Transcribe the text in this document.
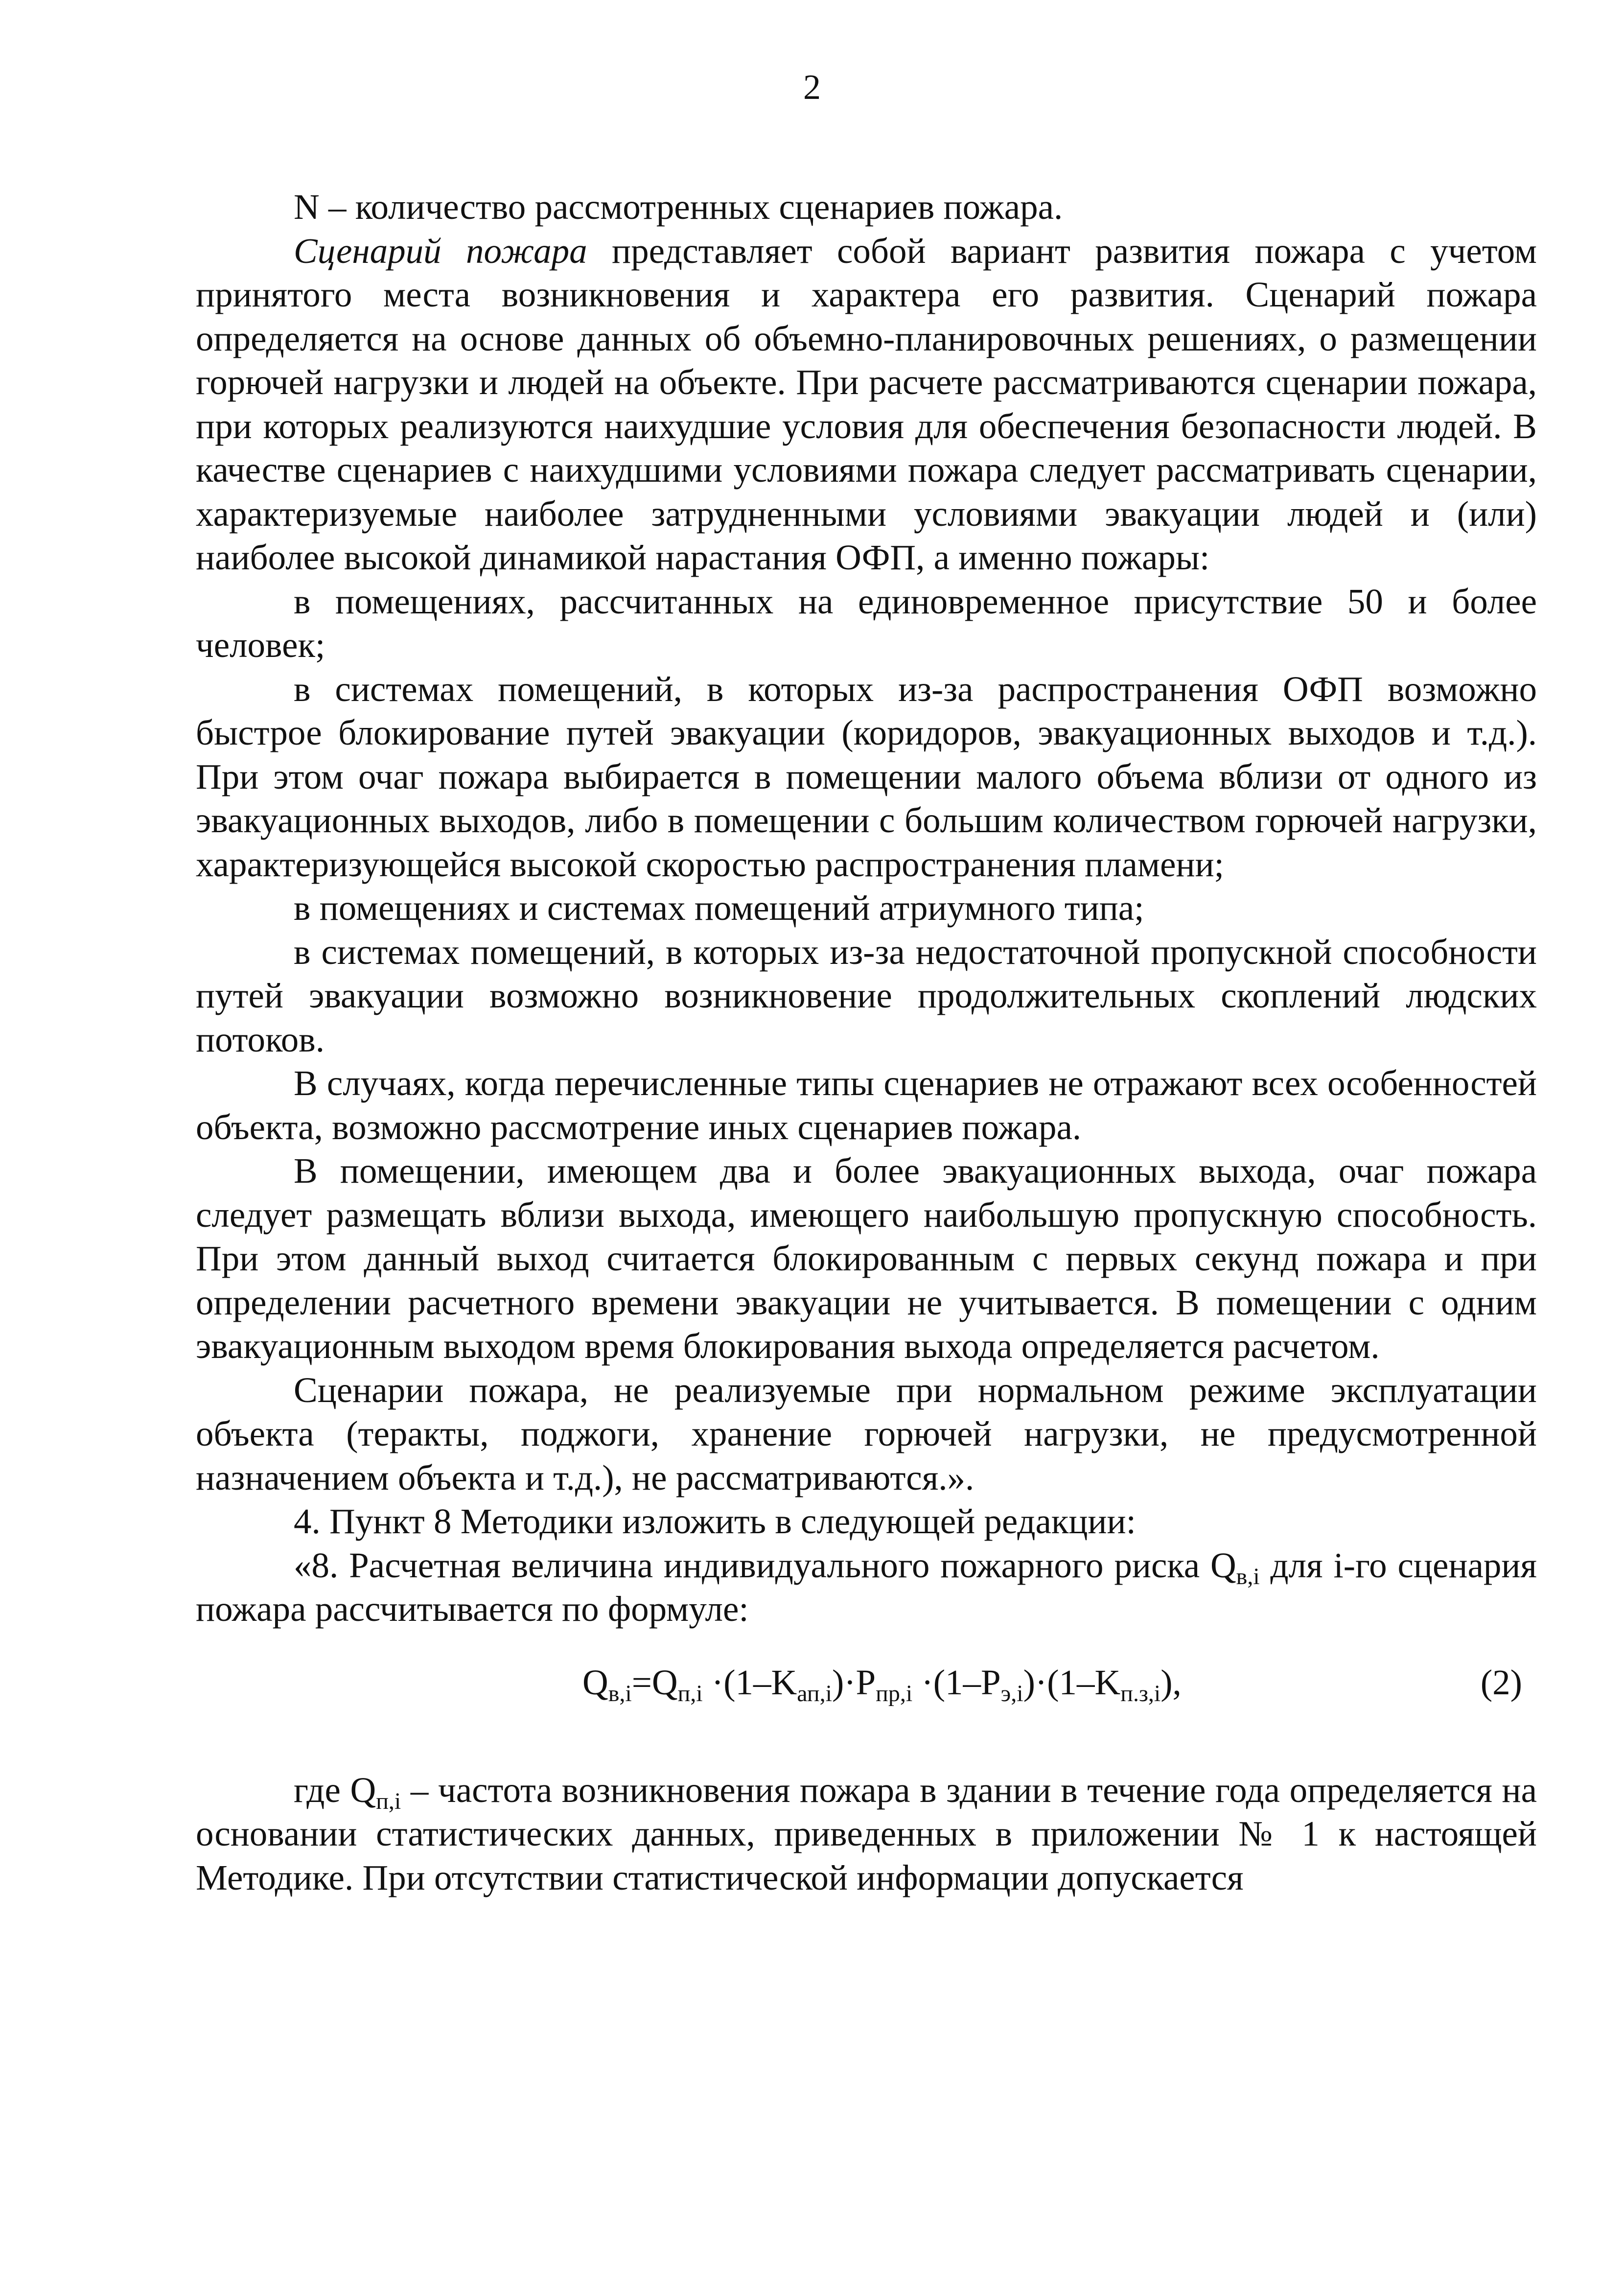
2

N – количество рассмотренных сценариев пожара.

Сценарий пожара представляет собой вариант развития пожара с учетом принятого места возникновения и характера его развития. Сценарий пожара определяется на основе данных об объемно-планировочных решениях, о размещении горючей нагрузки и людей на объекте. При расчете рассматриваются сценарии пожара, при которых реализуются наихудшие условия для обеспечения безопасности людей. В качестве сценариев с наихудшими условиями пожара следует рассматривать сценарии, характеризуемые наиболее затрудненными условиями эвакуации людей и (или) наиболее высокой динамикой нарастания ОФП, а именно пожары:

в помещениях, рассчитанных на единовременное присутствие 50 и более человек;

в системах помещений, в которых из-за распространения ОФП возможно быстрое блокирование путей эвакуации (коридоров, эвакуационных выходов и т.д.). При этом очаг пожара выбирается в помещении малого объема вблизи от одного из эвакуационных выходов, либо в помещении с большим количеством горючей нагрузки, характеризующейся высокой скоростью распространения пламени;

в помещениях и системах помещений атриумного типа;

в системах помещений, в которых из-за недостаточной пропускной способности путей эвакуации возможно возникновение продолжительных скоплений людских потоков.

В случаях, когда перечисленные типы сценариев не отражают всех особенностей объекта, возможно рассмотрение иных сценариев пожара.

В помещении, имеющем два и более эвакуационных выхода, очаг пожара следует размещать вблизи выхода, имеющего наибольшую пропускную способность. При этом данный выход считается блокированным с первых секунд пожара и при определении расчетного времени эвакуации не учитывается. В помещении с одним эвакуационным выходом время блокирования выхода определяется расчетом.

Сценарии пожара, не реализуемые при нормальном режиме эксплуатации объекта (теракты, поджоги, хранение горючей нагрузки, не предусмотренной назначением объекта и т.д.), не рассматриваются.».

4. Пункт 8 Методики изложить в следующей редакции:

«8. Расчетная величина индивидуального пожарного риска $Q_{в,i}$ для i-го сценария пожара рассчитывается по формуле:

$Q_{в,i}=Q_{п,i} \cdot(1-K_{ап,i})\cdot P_{пр,i} \cdot(1-P_{э,i})\cdot(1-K_{п.з,i})$,	(2)

где $Q_{п,i}$ – частота возникновения пожара в здании в течение года определяется на основании статистических данных, приведенных в приложении № 1 к настоящей Методике. При отсутствии статистической информации допускается
